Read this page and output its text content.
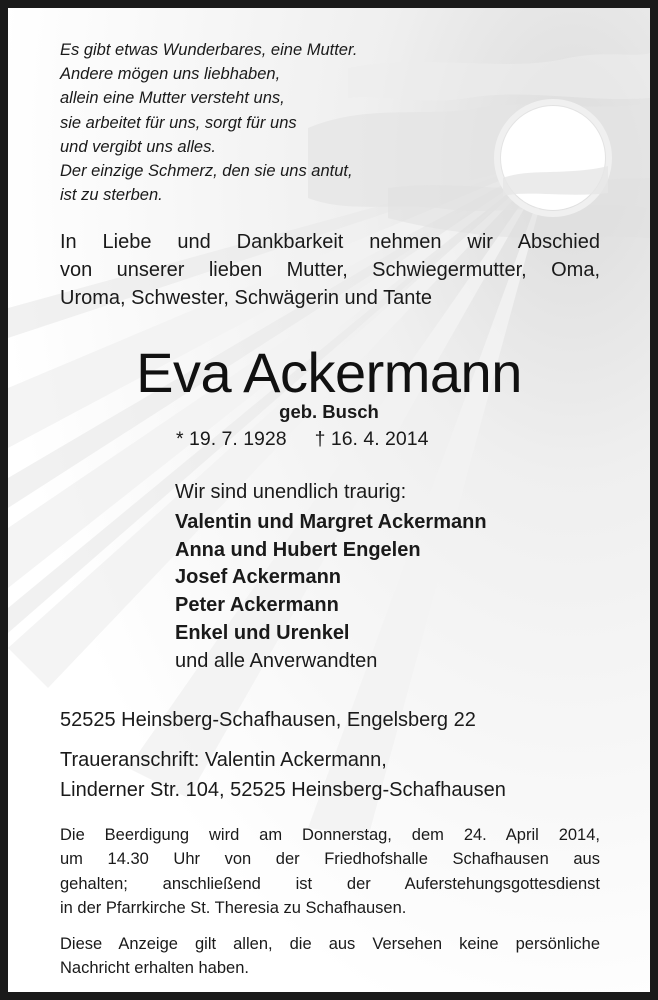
Es gibt etwas Wunderbares, eine Mutter.
Andere mögen uns liebhaben,
allein eine Mutter versteht uns,
sie arbeitet für uns, sorgt für uns
und vergibt uns alles.
Der einzige Schmerz, den sie uns antut,
ist zu sterben.
In Liebe und Dankbarkeit nehmen wir Abschied
von unserer lieben Mutter, Schwiegermutter, Oma,
Uroma, Schwester, Schwägerin und Tante
Eva Ackermann
geb. Busch
* 19. 7. 1928 † 16. 4. 2014
Wir sind unendlich traurig:
Valentin und Margret Ackermann
Anna und Hubert Engelen
Josef Ackermann
Peter Ackermann
Enkel und Urenkel
und alle Anverwandten
52525 Heinsberg-Schafhausen, Engelsberg 22
Traueranschrift: Valentin Ackermann,
Linderner Str. 104, 52525 Heinsberg-Schafhausen
Die Beerdigung wird am Donnerstag, dem 24. April 2014,
um 14.30 Uhr von der Friedhofshalle Schafhausen aus
gehalten; anschließend ist der Auferstehungsgottesdienst
in der Pfarrkirche St. Theresia zu Schafhausen.
Diese Anzeige gilt allen, die aus Versehen keine persönliche
Nachricht erhalten haben.
